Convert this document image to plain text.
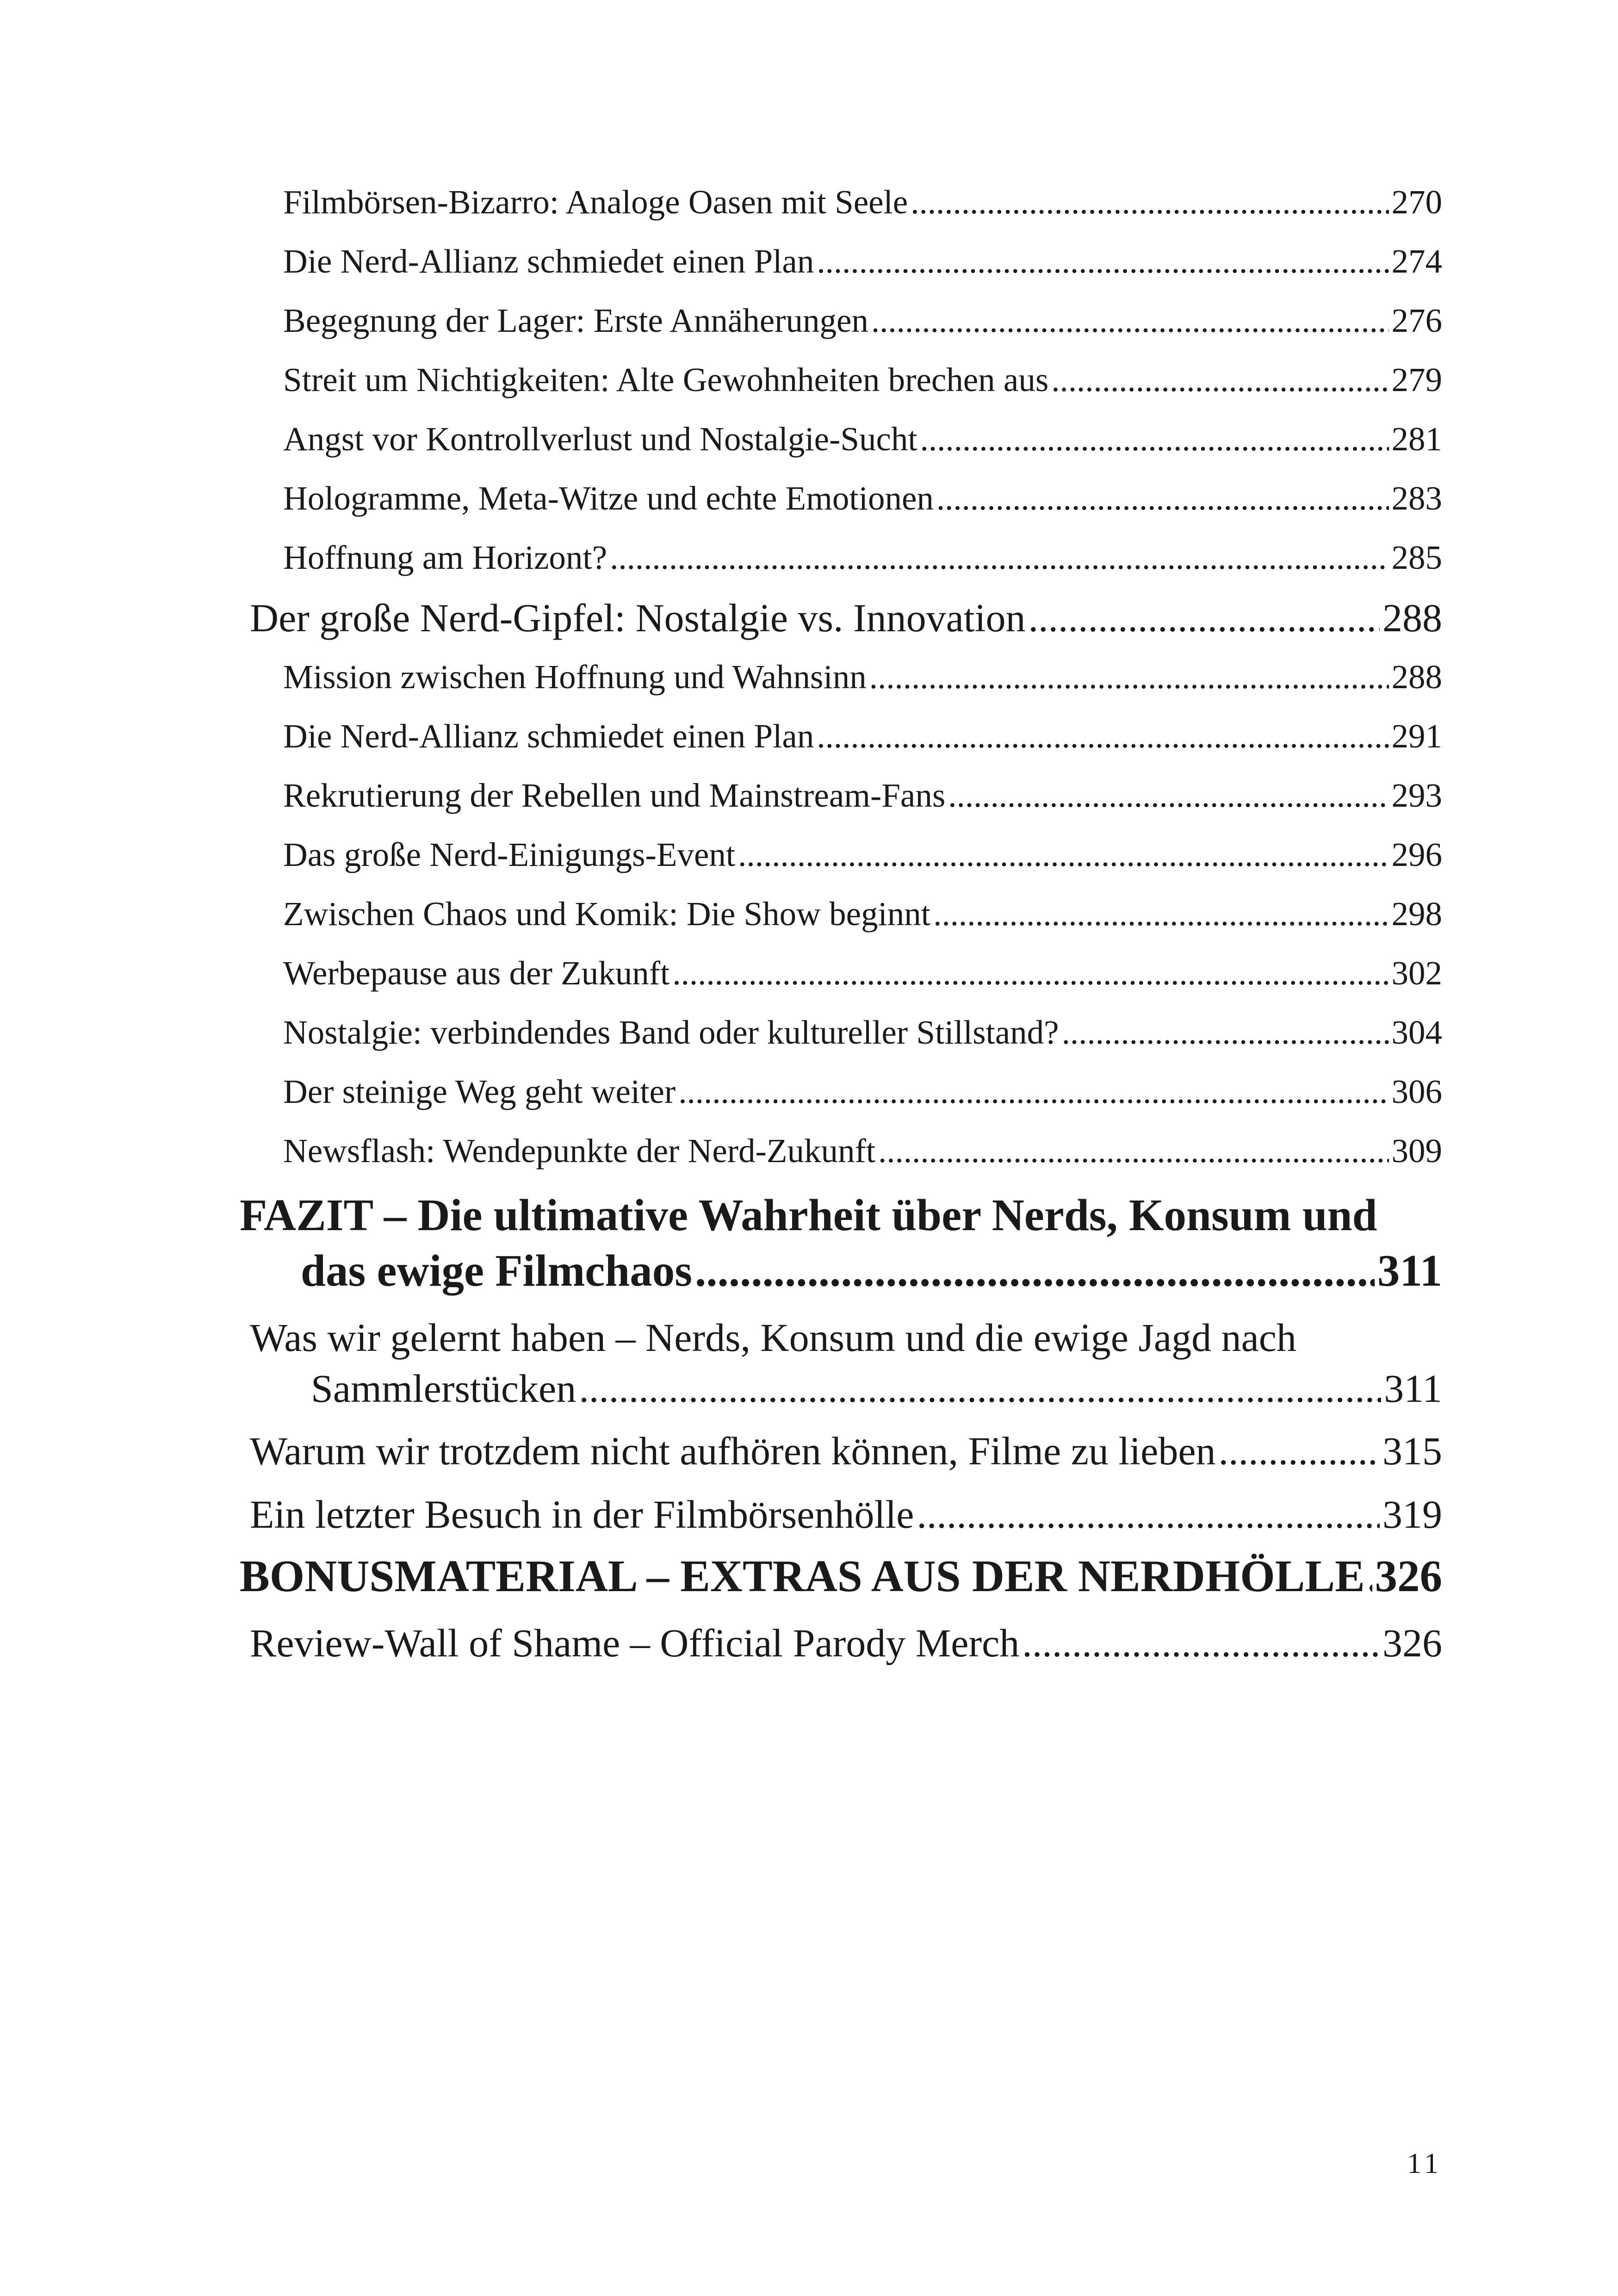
Filmbörsen-Bizarro: Analoge Oasen mit Seele .....	270
Die Nerd-Allianz schmiedet einen Plan .....	274
Begegnung der Lager: Erste Annäherungen .....	276
Streit um Nichtigkeiten: Alte Gewohnheiten brechen aus .....	279
Angst vor Kontrollverlust und Nostalgie-Sucht .....	281
Hologramme, Meta-Witze und echte Emotionen .....	283
Hoffnung am Horizont? .....	285
Der große Nerd-Gipfel: Nostalgie vs. Innovation .....	288
Mission zwischen Hoffnung und Wahnsinn .....	288
Die Nerd-Allianz schmiedet einen Plan .....	291
Rekrutierung der Rebellen und Mainstream-Fans .....	293
Das große Nerd-Einigungs-Event .....	296
Zwischen Chaos und Komik: Die Show beginnt .....	298
Werbepause aus der Zukunft .....	302
Nostalgie: verbindendes Band oder kultureller Stillstand? .....	304
Der steinige Weg geht weiter .....	306
Newsflash: Wendepunkte der Nerd-Zukunft .....	309
FAZIT – Die ultimative Wahrheit über Nerds, Konsum und
das ewige Filmchaos .....	311
Was wir gelernt haben – Nerds, Konsum und die ewige Jagd nach
Sammlerstücken .....	311
Warum wir trotzdem nicht aufhören können, Filme zu lieben .....	315
Ein letzter Besuch in der Filmbörsenhölle .....	319
BONUSMATERIAL – EXTRAS AUS DER NERDHÖLLE ..... 326
Review-Wall of Shame – Official Parody Merch .....	326
11
